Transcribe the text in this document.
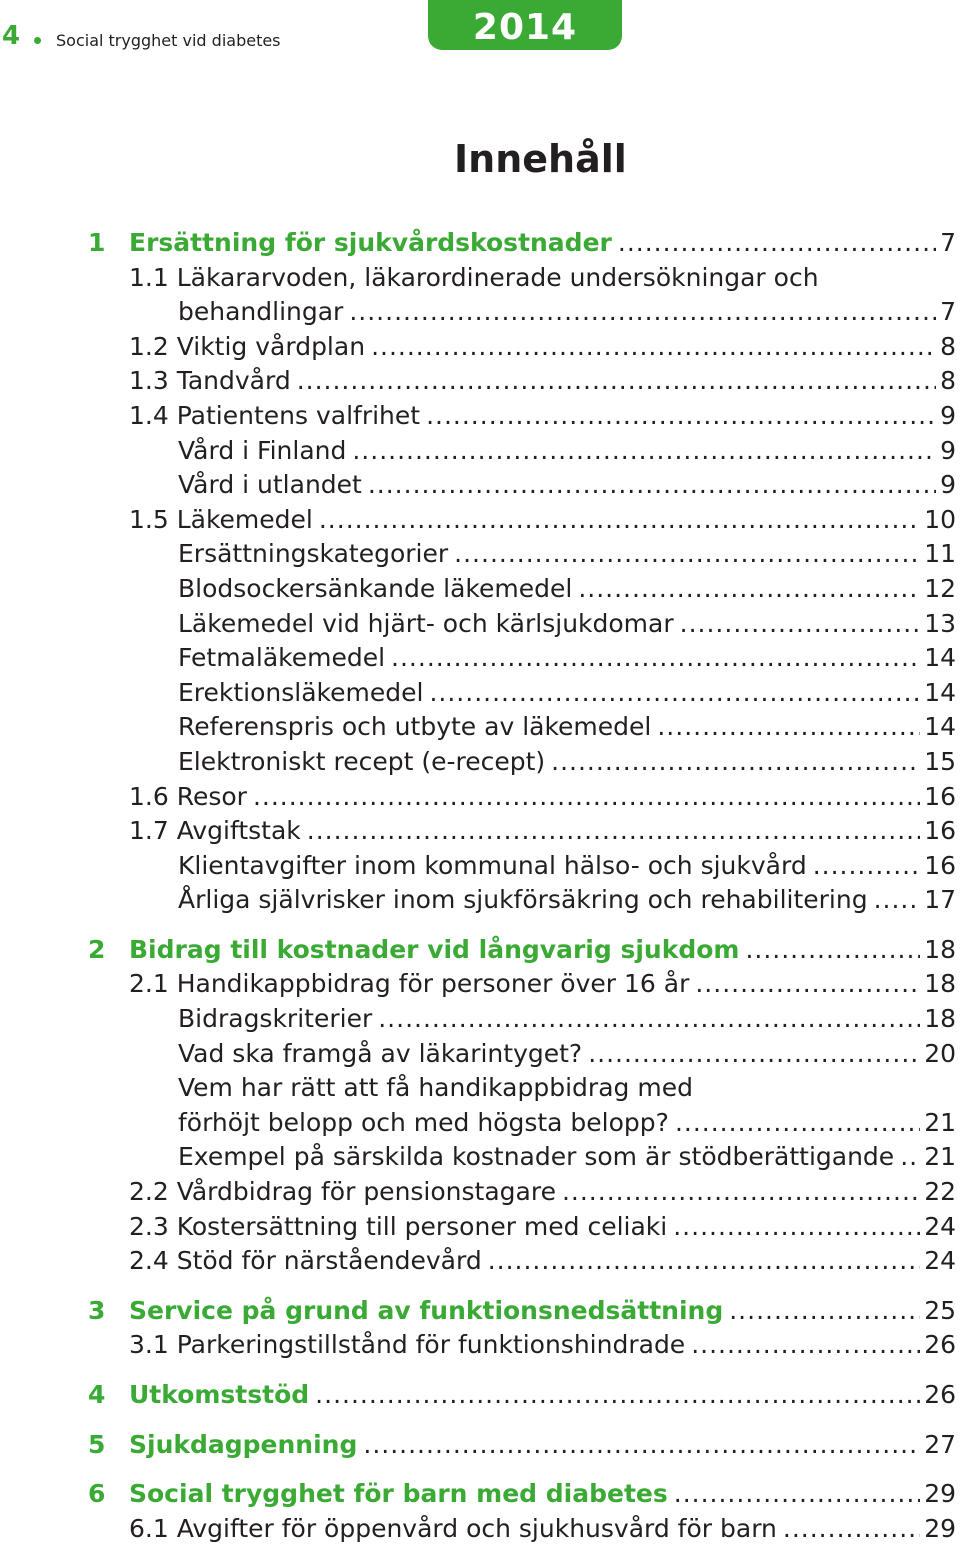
4 Social trygghet vid diabetes	2014
Innehåll
1 Ersättning för sjukvårdskostnader .....	7
1.1 Läkararvoden, läkarordinerade undersökningar och
behandlingar .....	7
1.2 Viktig vårdplan .....	8
1.3 Tandvård .....	8
1.4 Patientens valfrihet .....	9
Vård i Finland .....	9
Vård i utlandet .....	9
1.5 Läkemedel .....	10
Ersättningskategorier .....	11
Blodsockersänkande läkemedel .....	12
Läkemedel vid hjärt- och kärlsjukdomar .....	13
Fetmaläkemedel .....	14
Erektionsläkemedel .....	14
Referenspris och utbyte av läkemedel .....	14
Elektroniskt recept (e-recept) .....	15
1.6 Resor .....	16
1.7 Avgiftstak .....	16
Klientavgifter inom kommunal hälso- och sjukvård .....	16
Årliga självrisker inom sjukförsäkring och rehabilitering ..... 17
2 Bidrag till kostnader vid långvarig sjukdom .....	18
2.1 Handikappbidrag för personer över 16 år .....	18
Bidragskriterier .....	18
Vad ska framgå av läkarintyget? .....	20
Vem har rätt att få handikappbidrag med
förhöjt belopp och med högsta belopp? .....	21
Exempel på särskilda kostnader som är stödberättigande ..... 21
2.2 Vårdbidrag för pensionstagare .....	22
2.3 Kostersättning till personer med celiaki .....	24
2.4 Stöd för närståendevård .....	24
3 Service på grund av funktionsnedsättning .....	25
3.1 Parkeringstillstånd för funktionshindrade .....	26
4 Utkomststöd .....	26
5 Sjukdagpenning .....	27
6 Social trygghet för barn med diabetes .....	29
6.1 Avgifter för öppenvård och sjukhusvård för barn .....	29
